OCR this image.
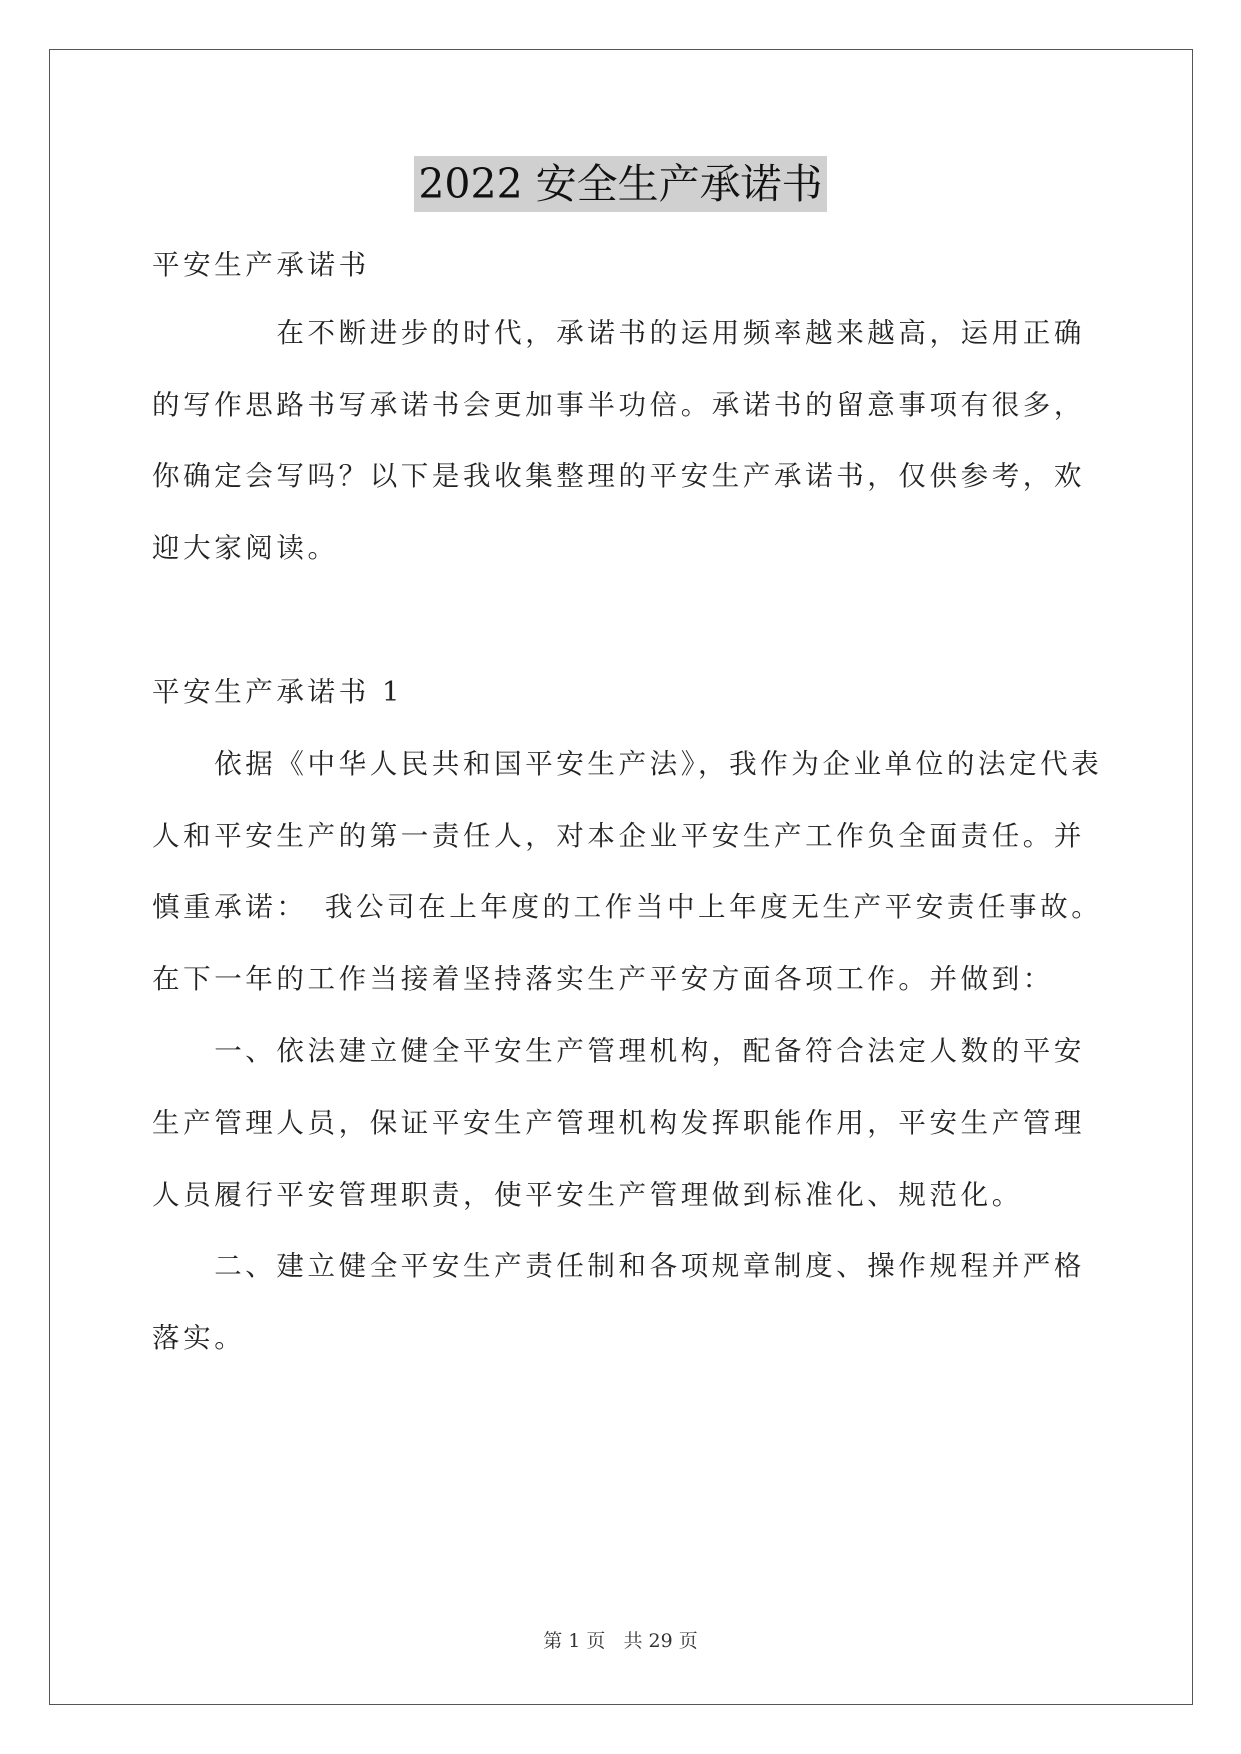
2022 安全生产承诺书
平安生产承诺书
　　　　在不断进步的时代，承诺书的运用频率越来越高，运用正确
的写作思路书写承诺书会更加事半功倍。承诺书的留意事项有很多，
你确定会写吗？以下是我收集整理的平安生产承诺书，仅供参考，欢
迎大家阅读。
平安生产承诺书 1
　　依据《中华人民共和国平安生产法》，我作为企业单位的法定代表
人和平安生产的第一责任人，对本企业平安生产工作负全面责任。并
慎重承诺：　我公司在上年度的工作当中上年度无生产平安责任事故。
在下一年的工作当接着坚持落实生产平安方面各项工作。并做到：
　　一、依法建立健全平安生产管理机构，配备符合法定人数的平安
生产管理人员，保证平安生产管理机构发挥职能作用，平安生产管理
人员履行平安管理职责，使平安生产管理做到标准化、规范化。
　　二、建立健全平安生产责任制和各项规章制度、操作规程并严格
落实。
第 1 页 共 29 页
